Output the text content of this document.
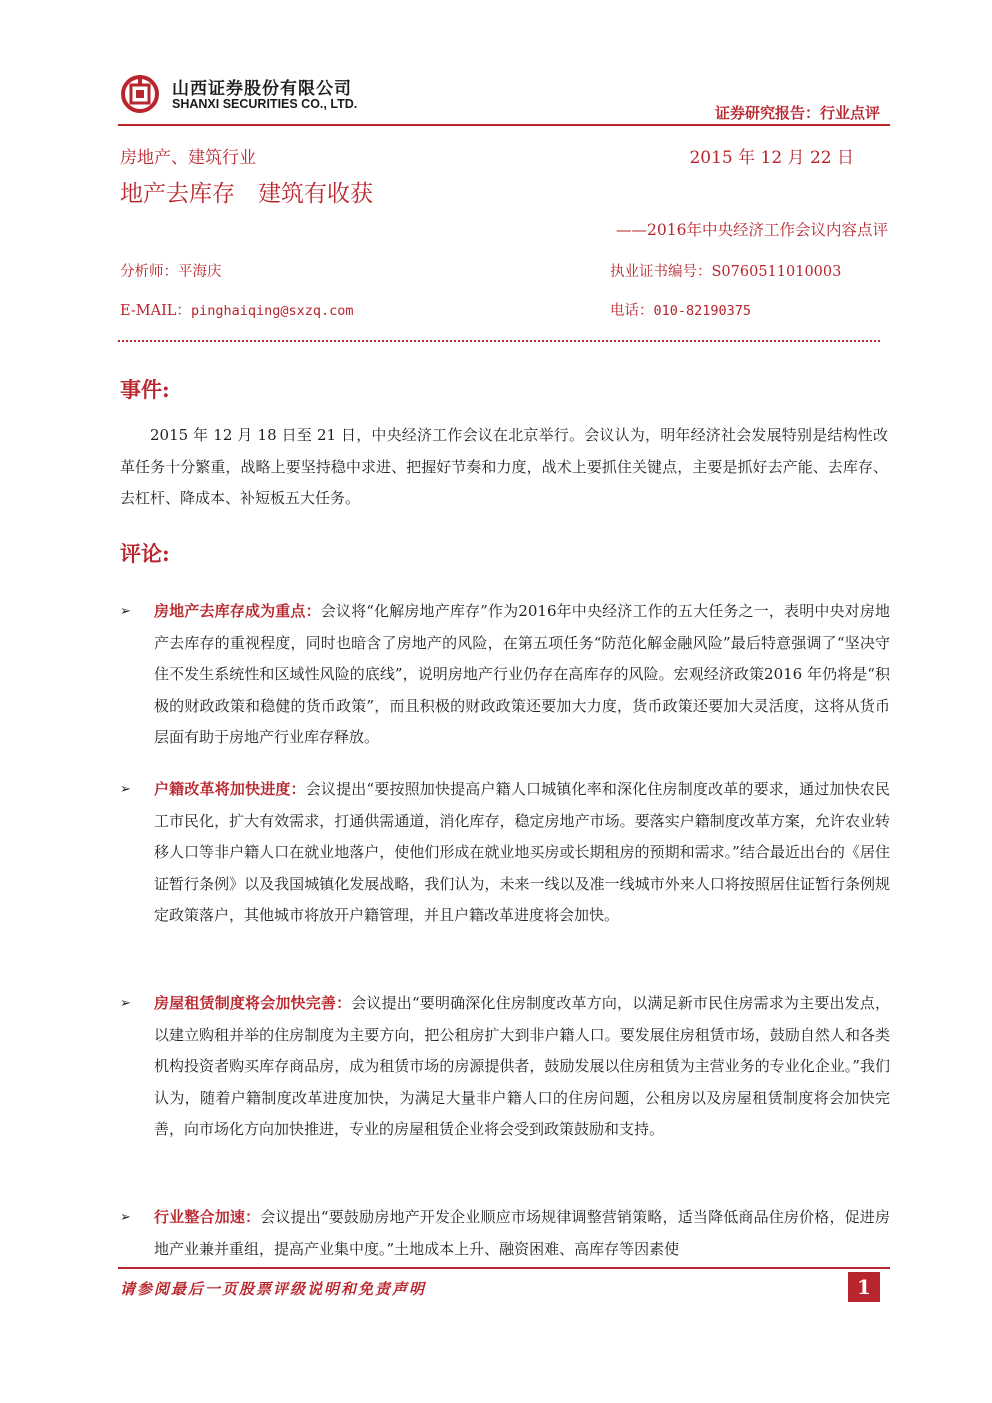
山西证券股份有限公司
SHANXI SECURITIES CO., LTD.	证券研究报告：行业点评
房地产、建筑行业	2015 年 12 月 22 日
地产去库存　建筑有收获
——2016年中央经济工作会议内容点评
分析师：平海庆	执业证书编号：S0760511010003
E-MAIL：pinghaiqing@sxzq.com	电话：010-82190375
事件:
2015 年 12 月 18 日至 21 日，中央经济工作会议在北京举行。会议认为，明年经济社会发展特别是结构性改革任务十分繁重，战略上要坚持稳中求进、把握好节奏和力度，战术上要抓住关键点，主要是抓好去产能、去库存、去杠杆、降成本、补短板五大任务。
评论:
➢ 房地产去库存成为重点：会议将“化解房地产库存”作为2016年中央经济工作的五大任务之一，表明中央对房地产去库存的重视程度，同时也暗含了房地产的风险，在第五项任务“防范化解金融风险”最后特意强调了“坚决守住不发生系统性和区域性风险的底线”，说明房地产行业仍存在高库存的风险。宏观经济政策2016 年仍将是“积极的财政政策和稳健的货币政策”，而且积极的财政政策还要加大力度，货币政策还要加大灵活度，这将从货币层面有助于房地产行业库存释放。
➢ 户籍改革将加快进度：会议提出“要按照加快提高户籍人口城镇化率和深化住房制度改革的要求，通过加快农民工市民化，扩大有效需求，打通供需通道，消化库存，稳定房地产市场。要落实户籍制度改革方案，允许农业转移人口等非户籍人口在就业地落户，使他们形成在就业地买房或长期租房的预期和需求。”结合最近出台的《居住证暂行条例》以及我国城镇化发展战略，我们认为，未来一线以及准一线城市外来人口将按照居住证暂行条例规定政策落户，其他城市将放开户籍管理，并且户籍改革进度将会加快。
➢ 房屋租赁制度将会加快完善：会议提出“要明确深化住房制度改革方向，以满足新市民住房需求为主要出发点，以建立购租并举的住房制度为主要方向，把公租房扩大到非户籍人口。要发展住房租赁市场，鼓励自然人和各类机构投资者购买库存商品房，成为租赁市场的房源提供者，鼓励发展以住房租赁为主营业务的专业化企业。”我们认为，随着户籍制度改革进度加快，为满足大量非户籍人口的住房问题，公租房以及房屋租赁制度将会加快完善，向市场化方向加快推进，专业的房屋租赁企业将会受到政策鼓励和支持。
➢ 行业整合加速：会议提出“要鼓励房地产开发企业顺应市场规律调整营销策略，适当降低商品住房价格，促进房地产业兼并重组，提高产业集中度。”土地成本上升、融资困难、高库存等因素使
请参阅最后一页股票评级说明和免责声明	1
